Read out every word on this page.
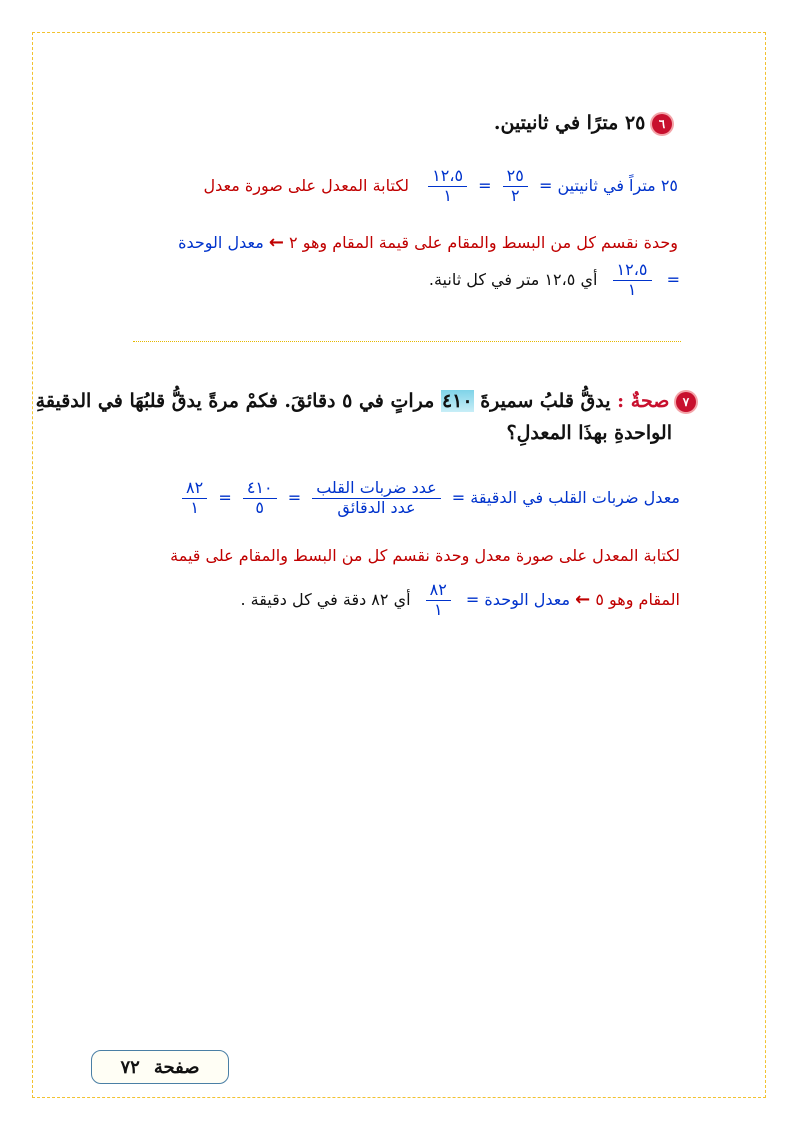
٦ ٢٥ مترًا في ثانيتين.
٢٥ متراً في ثانيتين =
$\frac{٢٥}{٢}$
=
$\frac{١٢،٥}{١}$
لكتابة المعدل على صورة معدل
وحدة نقسم كل من البسط والمقام على قيمة المقام وهو ٢ ← معدل الوحدة
=
$\frac{١٢،٥}{١}$
أي ١٢،٥ متر في كل ثانية.
٧ صحةٌ : يدقُّ قلبُ سميرةَ ٤١٠ مراتٍ في ٥ دقائقَ. فكمْ مرةً يدقُّ قلبُهَا في الدقيقةِ
الواحدةِ بهذَا المعدلِ؟
معدل ضربات القلب في الدقيقة =
$\frac{\text{عدد ضربات القلب}}{\text{عدد الدقائق}}$
=
$\frac{٤١٠}{٥}$
=
$\frac{٨٢}{١}$
لكتابة المعدل على صورة معدل وحدة نقسم كل من البسط والمقام على قيمة
المقام وهو ٥ ← معدل الوحدة =
$\frac{٨٢}{١}$
أي ٨٢ دقة في كل دقيقة .
صفحة
٧٢
